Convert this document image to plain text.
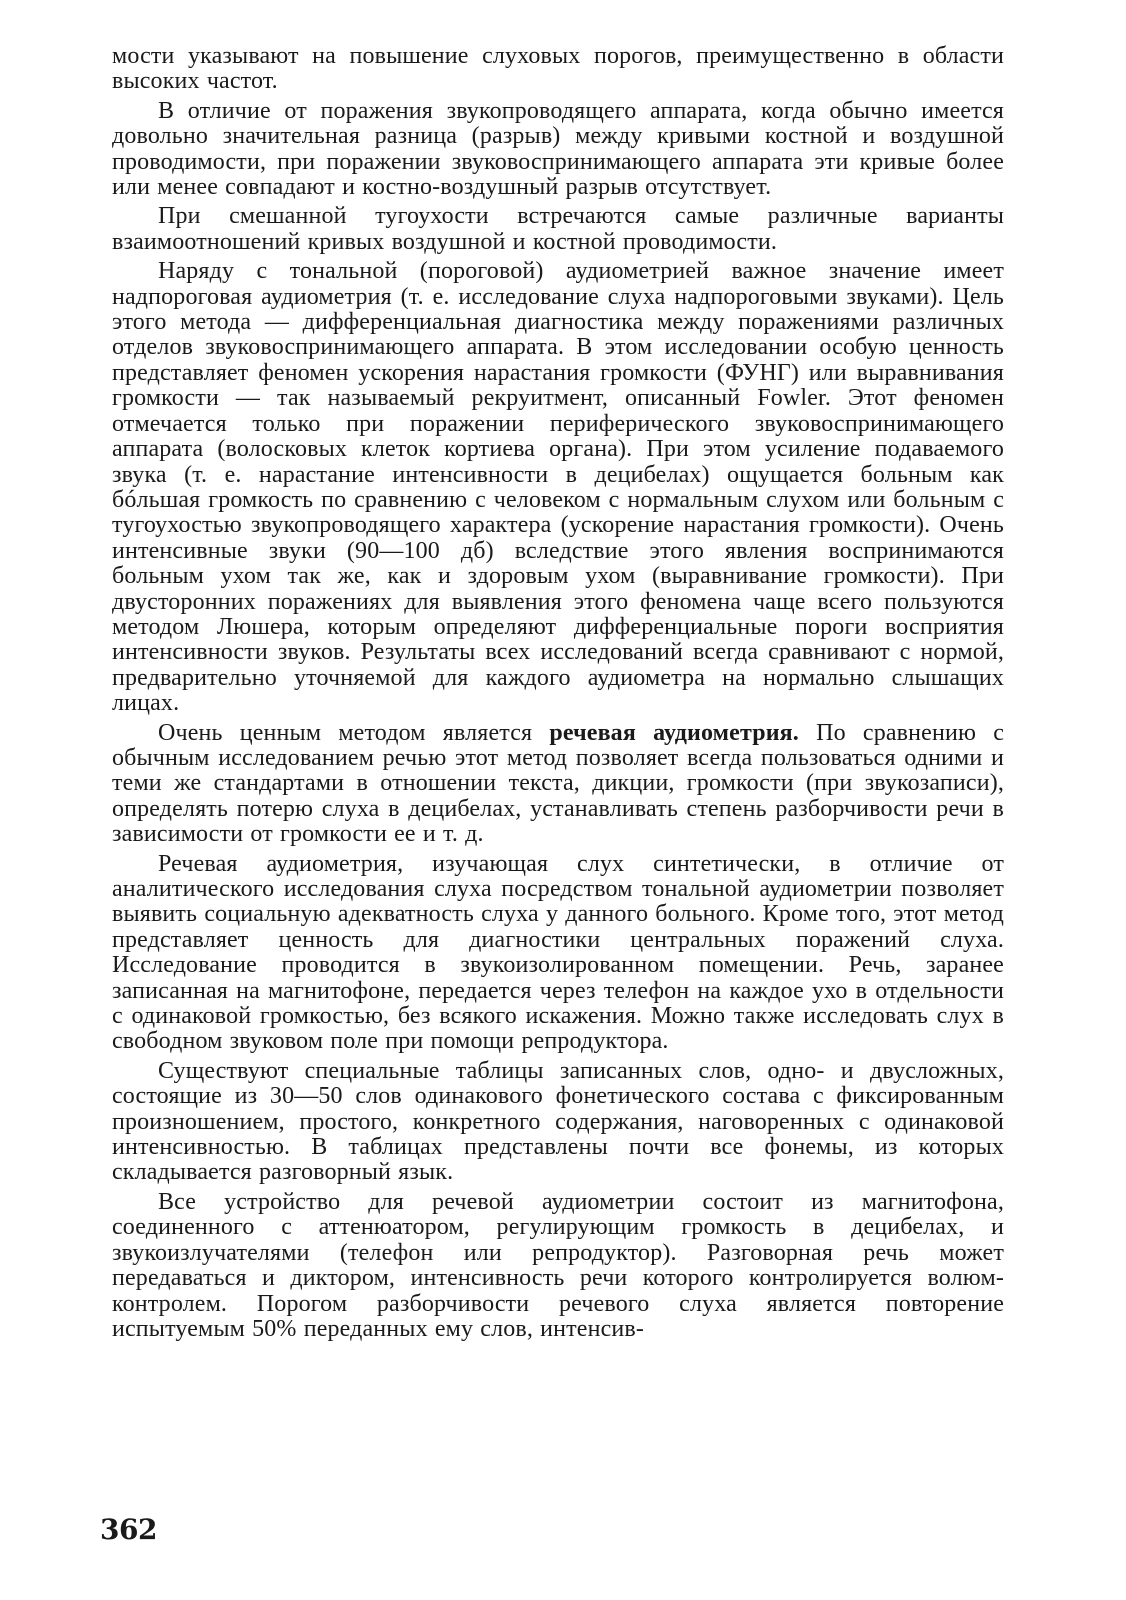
мости указывают на повышение слуховых порогов, преимущественно в области высоких частот.

В отличие от поражения звукопроводящего аппарата, когда обычно имеется довольно значительная разница (разрыв) между кривыми костной и воздушной проводимости, при поражении звуковоспринимающего аппарата эти кривые более или менее совпадают и костно-воздушный разрыв отсутствует.

При смешанной тугоухости встречаются самые различные варианты взаимоотношений кривых воздушной и костной проводимости.

Наряду с тональной (пороговой) аудиометрией важное значение имеет надпороговая аудиометрия (т. е. исследование слуха надпороговыми звуками). Цель этого метода — дифференциальная диагностика между поражениями различных отделов звуковоспринимающего аппарата. В этом исследовании особую ценность представляет феномен ускорения нарастания громкости (ФУНГ) или выравнивания громкости — так называемый рекруитмент, описанный Fowler. Этот феномен отмечается только при поражении периферического звуковоспринимающего аппарата (волосковых клеток кортиева органа). При этом усиление подаваемого звука (т. е. нарастание интенсивности в децибелах) ощущается больным как бóльшая громкость по сравнению с человеком с нормальным слухом или больным с тугоухостью звукопроводящего характера (ускорение нарастания громкости). Очень интенсивные звуки (90—100 дб) вследствие этого явления воспринимаются больным ухом так же, как и здоровым ухом (выравнивание громкости). При двусторонних поражениях для выявления этого феномена чаще всего пользуются методом Люшера, которым определяют дифференциальные пороги восприятия интенсивности звуков. Результаты всех исследований всегда сравнивают с нормой, предварительно уточняемой для каждого аудиометра на нормально слышащих лицах.

Очень ценным методом является речевая аудиометрия. По сравнению с обычным исследованием речью этот метод позволяет всегда пользоваться одними и теми же стандартами в отношении текста, дикции, громкости (при звукозаписи), определять потерю слуха в децибелах, устанавливать степень разборчивости речи в зависимости от громкости ее и т. д.

Речевая аудиометрия, изучающая слух синтетически, в отличие от аналитического исследования слуха посредством тональной аудиометрии позволяет выявить социальную адекватность слуха у данного больного. Кроме того, этот метод представляет ценность для диагностики центральных поражений слуха. Исследование проводится в звукоизолированном помещении. Речь, заранее записанная на магнитофоне, передается через телефон на каждое ухо в отдельности с одинаковой громкостью, без всякого искажения. Можно также исследовать слух в свободном звуковом поле при помощи репродуктора.

Существуют специальные таблицы записанных слов, одно- и двусложных, состоящие из 30—50 слов одинакового фонетического состава с фиксированным произношением, простого, конкретного содержания, наговоренных с одинаковой интенсивностью. В таблицах представлены почти все фонемы, из которых складывается разговорный язык.

Все устройство для речевой аудиометрии состоит из магнитофона, соединенного с аттенюатором, регулирующим громкость в децибелах, и звукоизлучателями (телефон или репродуктор). Разговорная речь может передаваться и диктором, интенсивность речи которого контролируется волюм-контролем. Порогом разборчивости речевого слуха является повторение испытуемым 50% переданных ему слов, интенсив-

362
